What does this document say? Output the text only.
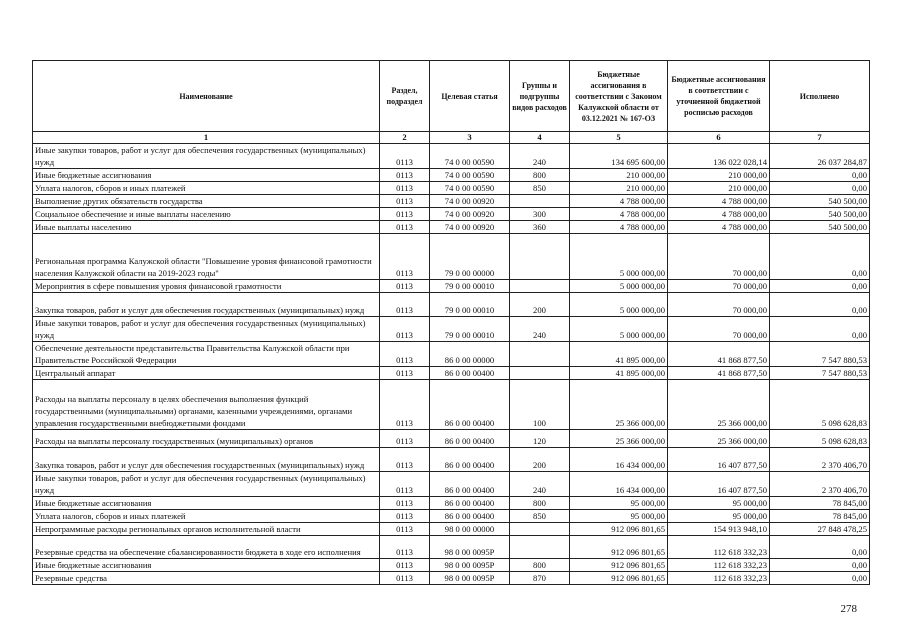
Наименование	Раздел, подраздел	Целевая статья	Группы и подгруппы видов расходов	Бюджетные ассигнования в соответствии с Законом Калужской области от 03.12.2021 № 167-ОЗ	Бюджетные ассигнования в соответствии с уточненной бюджетной росписью расходов	Исполнено
1	2	3	4	5	6	7
Иные закупки товаров, работ и услуг для обеспечения государственных (муниципальных) нужд	0113	74 0 00 00590	240	134 695 600,00	136 022 028,14	26 037 284,87
Иные бюджетные ассигнования	0113	74 0 00 00590	800	210 000,00	210 000,00	0,00
Уплата налогов, сборов и иных платежей	0113	74 0 00 00590	850	210 000,00	210 000,00	0,00
Выполнение других обязательств государства	0113	74 0 00 00920		4 788 000,00	4 788 000,00	540 500,00
Социальное обеспечение и иные выплаты населению	0113	74 0 00 00920	300	4 788 000,00	4 788 000,00	540 500,00
Иные выплаты населению	0113	74 0 00 00920	360	4 788 000,00	4 788 000,00	540 500,00
Региональная программа Калужской области "Повышение уровня финансовой грамотности населения Калужской области на 2019-2023 годы"	0113	79 0 00 00000		5 000 000,00	70 000,00	0,00
Мероприятия в сфере повышения уровня финансовой грамотности	0113	79 0 00 00010		5 000 000,00	70 000,00	0,00
Закупка товаров, работ и услуг для обеспечения государственных (муниципальных) нужд	0113	79 0 00 00010	200	5 000 000,00	70 000,00	0,00
Иные закупки товаров, работ и услуг для обеспечения государственных (муниципальных) нужд	0113	79 0 00 00010	240	5 000 000,00	70 000,00	0,00
Обеспечение деятельности представительства Правительства Калужской области при Правительстве Российской Федерации	0113	86 0 00 00000		41 895 000,00	41 868 877,50	7 547 880,53
Центральный аппарат	0113	86 0 00 00400		41 895 000,00	41 868 877,50	7 547 880,53
Расходы на выплаты персоналу в целях обеспечения выполнения функций государственными (муниципальными) органами, казенными учреждениями, органами управления государственными внебюджетными фондами	0113	86 0 00 00400	100	25 366 000,00	25 366 000,00	5 098 628,83
Расходы на выплаты персоналу государственных (муниципальных) органов	0113	86 0 00 00400	120	25 366 000,00	25 366 000,00	5 098 628,83
Закупка товаров, работ и услуг для обеспечения государственных (муниципальных) нужд	0113	86 0 00 00400	200	16 434 000,00	16 407 877,50	2 370 406,70
Иные закупки товаров, работ и услуг для обеспечения государственных (муниципальных) нужд	0113	86 0 00 00400	240	16 434 000,00	16 407 877,50	2 370 406,70
Иные бюджетные ассигнования	0113	86 0 00 00400	800	95 000,00	95 000,00	78 845,00
Уплата налогов, сборов и иных платежей	0113	86 0 00 00400	850	95 000,00	95 000,00	78 845,00
Непрограммные расходы региональных органов исполнительной власти	0113	98 0 00 00000		912 096 801,65	154 913 948,10	27 848 478,25
Резервные средства на обеспечение сбалансированности бюджета в ходе его исполнения	0113	98 0 00 0095P		912 096 801,65	112 618 332,23	0,00
Иные бюджетные ассигнования	0113	98 0 00 0095P	800	912 096 801,65	112 618 332,23	0,00
Резервные средства	0113	98 0 00 0095P	870	912 096 801,65	112 618 332,23	0,00
278
